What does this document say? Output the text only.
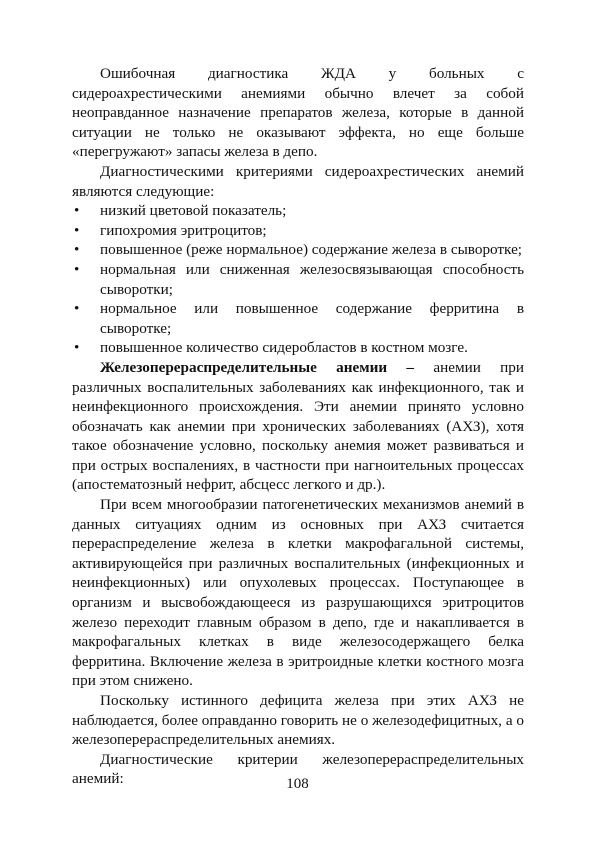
Ошибочная диагностика ЖДА у больных с сидероахрестическими анемиями обычно влечет за собой неоправданное назначение препаратов железа, которые в данной ситуации не только не оказывают эффекта, но еще больше «перегружают» запасы железа в депо.

Диагностическими критериями сидероахрестических анемий являются следующие:

• низкий цветовой показатель;
• гипохромия эритроцитов;
• повышенное (реже нормальное) содержание железа в сыворотке;
• нормальная или сниженная железосвязывающая способность сыворотки;
• нормальное или повышенное содержание ферритина в сыворотке;
• повышенное количество сидеробластов в костном мозге.

Железоперераспределительные анемии – анемии при различных воспалительных заболеваниях как инфекционного, так и неинфекционного происхождения. Эти анемии принято условно обозначать как анемии при хронических заболеваниях (АХЗ), хотя такое обозначение условно, поскольку анемия может развиваться и при острых воспалениях, в частности при нагноительных процессах (апостематозный нефрит, абсцесс легкого и др.).

При всем многообразии патогенетических механизмов анемий в данных ситуациях одним из основных при АХЗ считается перераспределение железа в клетки макрофагальной системы, активирующейся при различных воспалительных (инфекционных и неинфекционных) или опухолевых процессах. Поступающее в организм и высвобождающееся из разрушающихся эритроцитов железо переходит главным образом в депо, где и накапливается в макрофагальных клетках в виде железосодержащего белка ферритина. Включение железа в эритроидные клетки костного мозга при этом снижено.

Поскольку истинного дефицита железа при этих АХЗ не наблюдается, более оправданно говорить не о железодефицитных, а о железоперераспределительных анемиях.

Диагностические критерии железоперераспределительных анемий:	108
